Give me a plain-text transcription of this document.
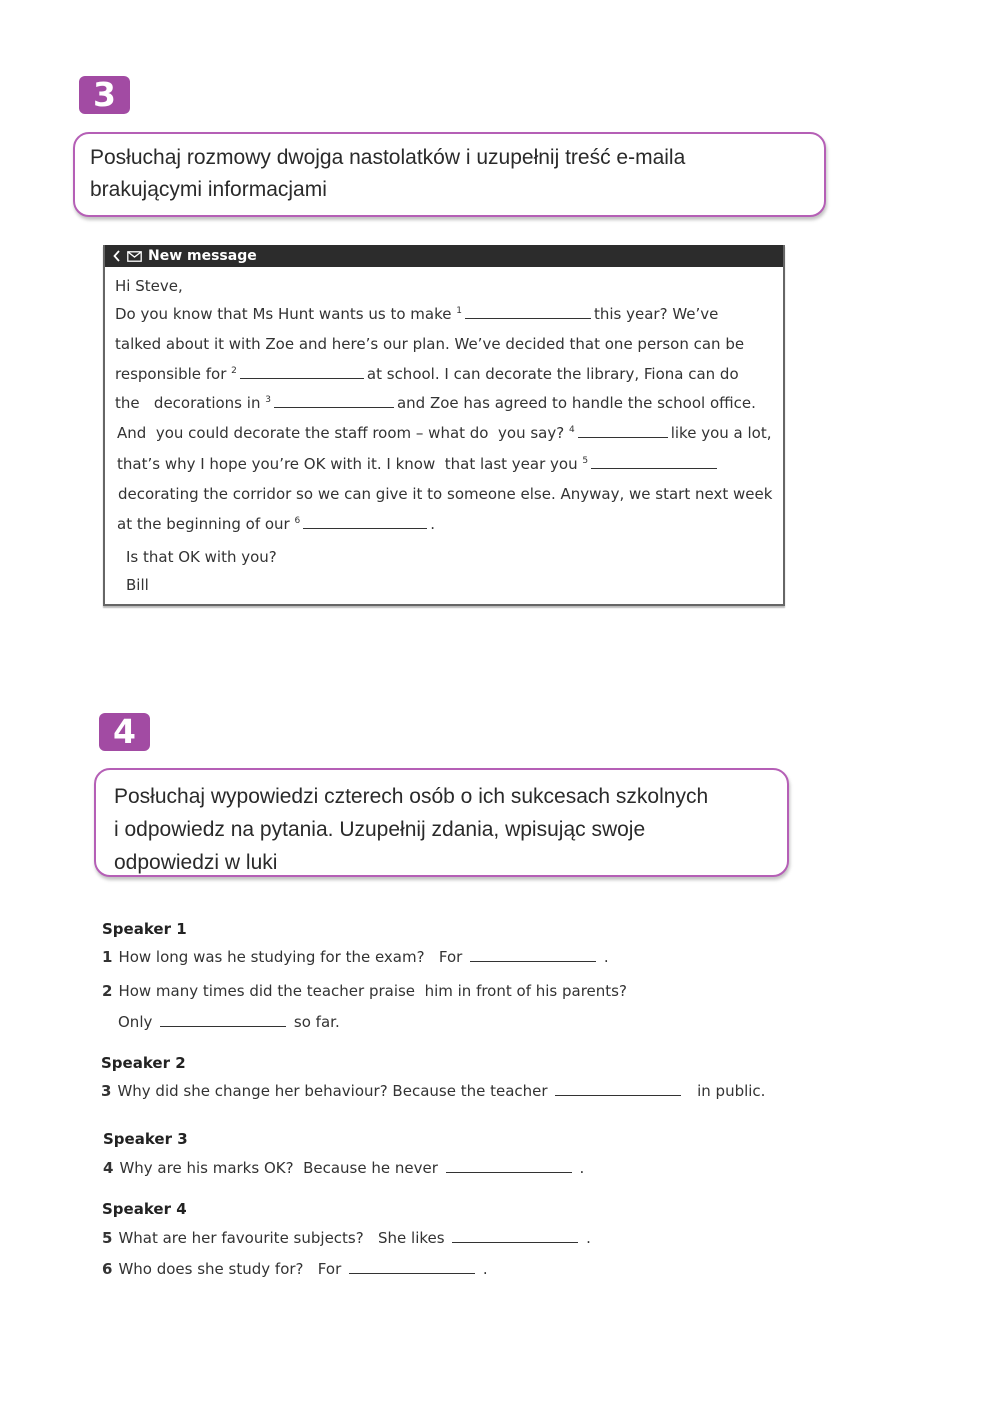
3
Posłuchaj rozmowy dwojga nastolatków i uzupełnij treść e-maila
brakującymi informacjami
New message
Hi Steve,
Do you know that Ms Hunt wants us to make $^1$	this year? We’ve
talked about it with Zoe and here’s our plan. We’ve decided that one person can be
responsible for $^2$	at school. I can decorate the library, Fiona can do
the   decorations in $^3$	and Zoe has agreed to handle the school office.
And  you could decorate the staff room – what do  you say? $^4$	like you a lot,
that’s why I hope you’re OK with it. I know  that last year you $^5$
decorating the corridor so we can give it to someone else. Anyway, we start next week
at the beginning of our $^6$	.
Is that OK with you?
Bill
4
Posłuchaj wypowiedzi czterech osób o ich sukcesach szkolnych
i odpowiedz na pytania. Uzupełnij zdania, wpisując swoje
odpowiedzi w luki
Speaker 1
1 How long was he studying for the exam?   For	.
2 How many times did the teacher praise  him in front of his parents?
Only	so far.
Speaker 2
3 Why did she change her behaviour? Because the teacher	in public.
Speaker 3
4 Why are his marks OK?  Because he never	.
Speaker 4
5 What are her favourite subjects?   She likes	.
6 Who does she study for?   For	.
